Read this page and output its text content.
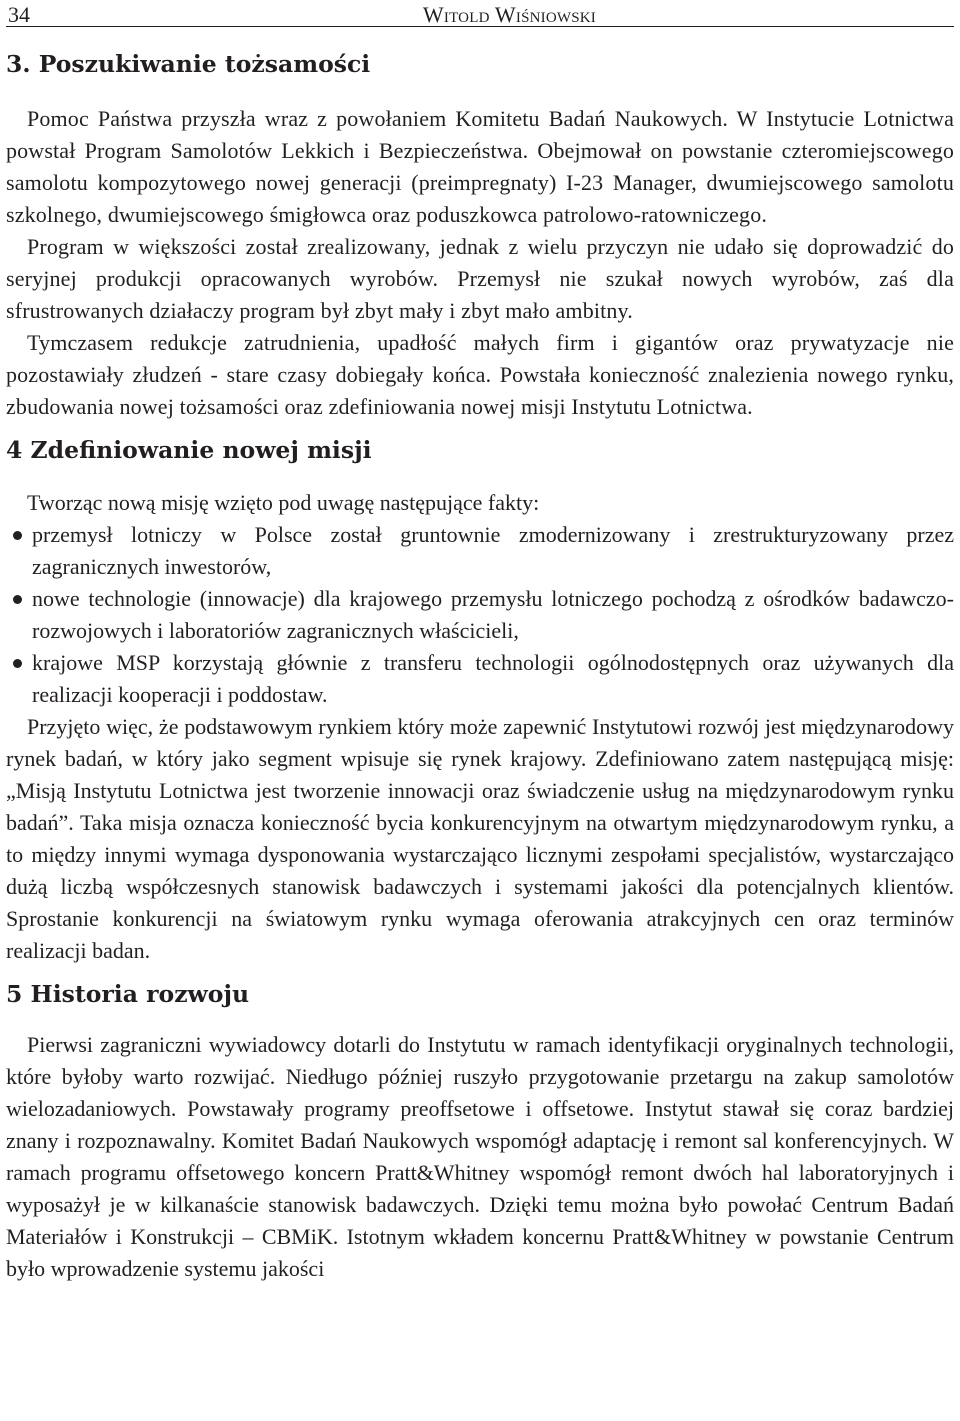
34	Witold Wiśniowski
3. Poszukiwanie tożsamości

Pomoc Państwa przyszła wraz z powołaniem Komitetu Badań Naukowych. W Instytucie Lotnictwa powstał Program Samolotów Lekkich i Bezpieczeństwa. Obejmował on powstanie czteromiejscowego samolotu kompozytowego nowej generacji (preimpregnaty) I-23 Manager, dwumiejscowego samolotu szkolnego, dwumiejscowego śmigłowca oraz poduszkowca patrolowo-ratowniczego.

Program w większości został zrealizowany, jednak z wielu przyczyn nie udało się doprowadzić do seryjnej produkcji opracowanych wyrobów. Przemysł nie szukał nowych wyrobów, zaś dla sfrustrowanych działaczy program był zbyt mały i zbyt mało ambitny.

Tymczasem redukcje zatrudnienia, upadłość małych firm i gigantów oraz prywatyzacje nie pozostawiały złudzeń - stare czasy dobiegały końca. Powstała konieczność znalezienia nowego rynku, zbudowania nowej tożsamości oraz zdefiniowania nowej misji Instytutu Lotnictwa.

4 Zdefiniowanie nowej misji

Tworząc nową misję wzięto pod uwagę następujące fakty:

przemysł lotniczy w Polsce został gruntownie zmodernizowany i zrestrukturyzowany przez zagranicznych inwestorów,
nowe technologie (innowacje) dla krajowego przemysłu lotniczego pochodzą z ośrodków badawczo-rozwojowych i laboratoriów zagranicznych właścicieli,
krajowe MSP korzystają głównie z transferu technologii ogólnodostępnych oraz używanych dla realizacji kooperacji i poddostaw.

Przyjęto więc, że podstawowym rynkiem który może zapewnić Instytutowi rozwój jest międzynarodowy rynek badań, w który jako segment wpisuje się rynek krajowy. Zdefiniowano zatem następującą misję: „Misją Instytutu Lotnictwa jest tworzenie innowacji oraz świadczenie usług na międzynarodowym rynku badań”. Taka misja oznacza konieczność bycia konkurencyjnym na otwartym międzynarodowym rynku, a to między innymi wymaga dysponowania wystarczająco licznymi zespołami specjalistów, wystarczająco dużą liczbą współczesnych stanowisk badawczych i systemami jakości dla potencjalnych klientów. Sprostanie konkurencji na światowym rynku wymaga oferowania atrakcyjnych cen oraz terminów realizacji badan.

5 Historia rozwoju

Pierwsi zagraniczni wywiadowcy dotarli do Instytutu w ramach identyfikacji oryginalnych technologii, które byłoby warto rozwijać. Niedługo później ruszyło przygotowanie przetargu na zakup samolotów wielozadaniowych. Powstawały programy preoffsetowe i offsetowe. Instytut stawał się coraz bardziej znany i rozpoznawalny. Komitet Badań Naukowych wspomógł adaptację i remont sal konferencyjnych. W ramach programu offsetowego koncern Pratt&Whitney wspomógł remont dwóch hal laboratoryjnych i wyposażył je w kilkanaście stanowisk badawczych. Dzięki temu można było powołać Centrum Badań Materiałów i Konstrukcji – CBMiK. Istotnym wkładem koncernu Pratt&Whitney w powstanie Centrum było wprowadzenie systemu jakości
